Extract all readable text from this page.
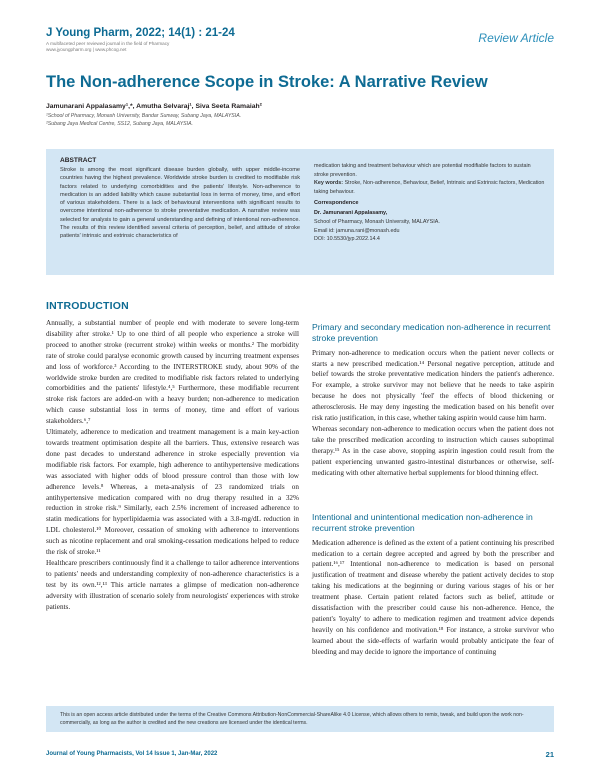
J Young Pharm, 2022; 14(1) : 21-24
A multifaceted peer reviewed journal in the field of Pharmacy
www.jyoungpharm.org | www.phcog.net
Review Article
The Non-adherence Scope in Stroke: A Narrative Review
Jamunarani Appalasamy¹,*, Amutha Selvaraj¹, Siva Seeta Ramaiah²
¹School of Pharmacy, Monash University, Bandar Sunway, Subang Jaya, MALAYSIA.
²Subang Jaya Medical Centre, SS12, Subang Jaya, MALAYSIA.
ABSTRACT
Stroke is among the most significant disease burden globally, with upper middle-income countries having the highest prevalence. Worldwide stroke burden is credited to modifiable risk factors related to underlying comorbidities and the patients' lifestyle. Non-adherence to medication is an added liability which cause substantial loss in terms of money, time, and effort of various stakeholders. There is a lack of behavioural interventions with significant results to overcome intentional non-adherence to stroke preventative medication. A narrative review was selected for analysis to gain a general understanding and defining of intentional non-adherence. The results of this review identified several criteria of perception, belief, and attitude of stroke patients' intrinsic and extrinsic characteristics of
medication taking and treatment behaviour which are potential modifiable factors to sustain stroke prevention.
Key words: Stroke, Non-adherence, Behaviour, Belief, Intrinsic and Extrinsic factors, Medication taking behaviour.
Correspondence
Dr. Jamunarani Appalasamy,
School of Pharmacy, Monash University, MALAYSIA.
Email id: jamuna.rani@monash.edu
DOI: 10.5530/jyp.2022.14.4
INTRODUCTION

Annually, a substantial number of people end with moderate to severe long-term disability after stroke.¹ Up to one third of all people who experience a stroke will proceed to another stroke (recurrent stroke) within weeks or months.² The morbidity rate of stroke could paralyse economic growth caused by incurring treatment expenses and loss of workforce.³ According to the INTERSTROKE study, about 90% of the worldwide stroke burden are credited to modifiable risk factors related to underlying comorbidities and the patients' lifestyle.⁴,⁵ Furthermore, these modifiable recurrent stroke risk factors are added-on with a heavy burden; non-adherence to medication which cause substantial loss in terms of money, time and effort of various stakeholders.⁶,⁷

Ultimately, adherence to medication and treatment management is a main key-action towards treatment optimisation despite all the barriers. Thus, extensive research was done past decades to understand adherence in stroke especially prevention via modifiable risk factors. For example, high adherence to antihypertensive medications was associated with higher odds of blood pressure control than those with low adherence levels.⁸ Whereas, a meta-analysis of 23 randomized trials on antihypertensive medication compared with no drug therapy resulted in a 32% reduction in stroke risk.⁹ Similarly, each 2.5% increment of increased adherence to statin medications for hyperlipidaemia was associated with a 3.8-mg/dL reduction in LDL cholesterol.¹⁰ Moreover, cessation of smoking with adherence to interventions such as nicotine replacement and oral smoking-cessation medications helped to reduce the risk of stroke.¹¹

Healthcare prescribers continuously find it a challenge to tailor adherence interventions to patients' needs and understanding complexity of non-adherence characteristics is a test by its own.¹²,¹³ This article narrates a glimpse of medication non-adherence adversity with illustration of scenario solely from neurologists' experiences with stroke patients.

Primary and secondary medication non-adherence in recurrent stroke prevention

Primary non-adherence to medication occurs when the patient never collects or starts a new prescribed medication.¹⁴ Personal negative perception, attitude and belief towards the stroke preventative medication hinders the patient's adherence. For example, a stroke survivor may not believe that he needs to take aspirin because he does not physically 'feel' the effects of blood thickening or atherosclerosis. He may deny ingesting the medication based on his benefit over risk ratio justification, in this case, whether taking aspirin would cause him harm.

Whereas secondary non-adherence to medication occurs when the patient does not take the prescribed medication according to instruction which causes suboptimal therapy.¹⁵ As in the case above, stopping aspirin ingestion could result from the patient experiencing unwanted gastro-intestinal disturbances or otherwise, self-medicating with other alternative herbal supplements for blood thinning effect.

Intentional and unintentional medication non-adherence in recurrent stroke prevention

Medication adherence is defined as the extent of a patient continuing his prescribed medication to a certain degree accepted and agreed by both the prescriber and patient.¹⁶,¹⁷ Intentional non-adherence to medication is based on personal justification of treatment and disease whereby the patient actively decides to stop taking his medications at the beginning or during various stages of his or her treatment phase. Certain patient related factors such as belief, attitude or dissatisfaction with the prescriber could cause his non-adherence. Hence, the patient's 'loyalty' to adhere to medication regimen and treatment advice depends heavily on his confidence and motivation.¹⁸ For instance, a stroke survivor who learned about the side-effects of warfarin would probably anticipate the fear of bleeding and may decide to ignore the importance of continuing

This is an open access article distributed under the terms of the Creative Commons Attribution-NonCommercial-ShareAlike 4.0 License, which allows others to remix, tweak, and build upon the work non-commercially, as long as the author is credited and the new creations are licensed under the identical terms.
Journal of Young Pharmacists, Vol 14 Issue 1, Jan-Mar, 2022	21
